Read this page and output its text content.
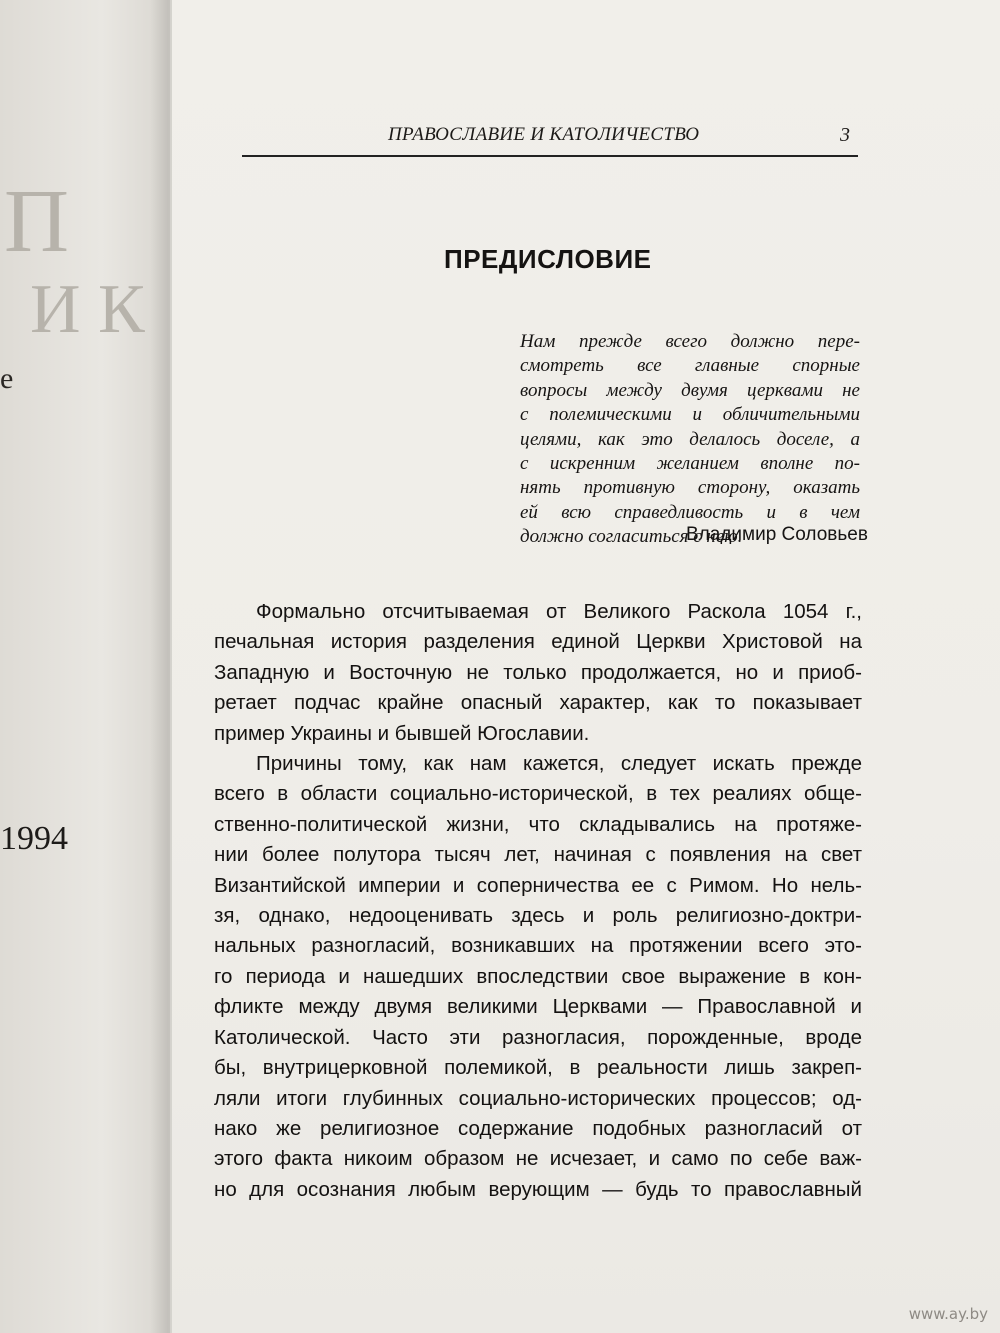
П
И К
е
1994
ПРАВОСЛАВИЕ И КАТОЛИЧЕСТВО	3
ПРЕДИСЛОВИЕ
Нам прежде всего должно пере-
смотреть все главные спорные
вопросы между двумя церквами не
с полемическими и обличительными
целями, как это делалось доселе, а
с искренним желанием вполне по-
нять противную сторону, оказать
ей всю справедливость и в чем
должно согласиться с нею.
Владимир Соловьев
Формально отсчитываемая от Великого Раскола 1054 г.,
печальная история разделения единой Церкви Христовой на
Западную и Восточную не только продолжается, но и приоб-
ретает подчас крайне опасный характер, как то показывает
пример Украины и бывшей Югославии.
Причины тому, как нам кажется, следует искать прежде
всего в области социально-исторической, в тех реалиях обще-
ственно-политической жизни, что складывались на протяже-
нии более полутора тысяч лет, начиная с появления на свет
Византийской империи и соперничества ее с Римом. Но нель-
зя, однако, недооценивать здесь и роль религиозно-доктри-
нальных разногласий, возникавших на протяжении всего это-
го периода и нашедших впоследствии свое выражение в кон-
фликте между двумя великими Церквами — Православной и
Католической. Часто эти разногласия, порожденные, вроде
бы, внутрицерковной полемикой, в реальности лишь закреп-
ляли итоги глубинных социально-исторических процессов; од-
нако же религиозное содержание подобных разногласий от
этого факта никоим образом не исчезает, и само по себе важ-
но для осознания любым верующим — будь то православный
www.ay.by
